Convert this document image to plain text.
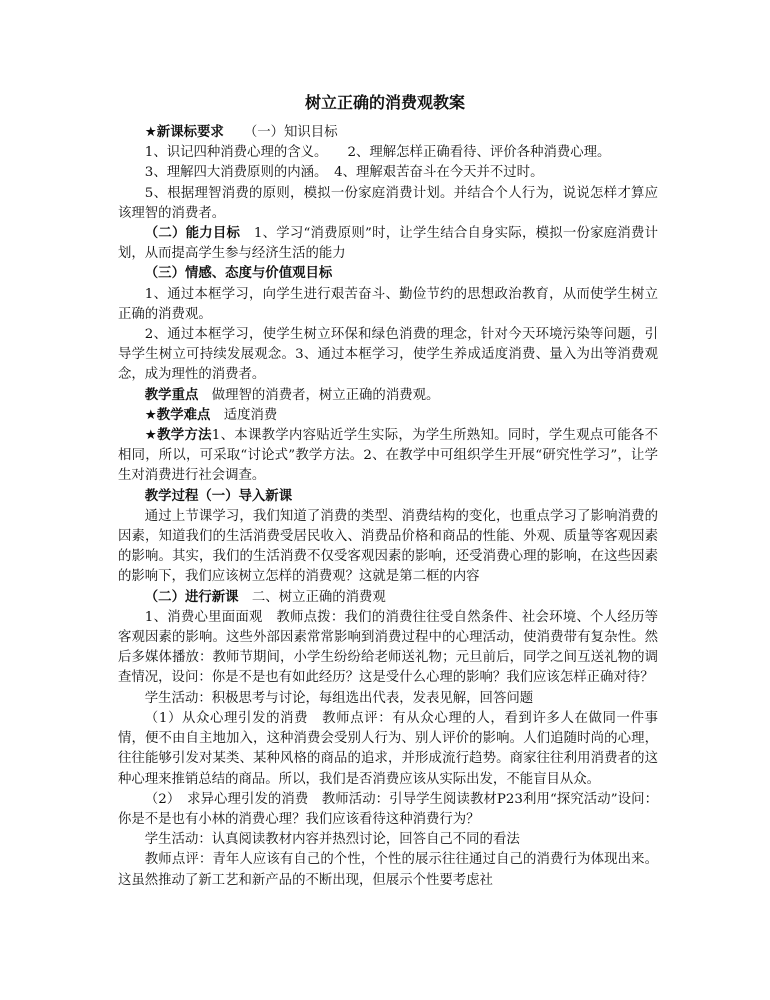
树立正确的消费观教案

★新课标要求　　（一）知识目标

1、识记四种消费心理的含义。　　2、理解怎样正确看待、评价各种消费心理。

3、理解四大消费原则的内涵。　4、理解艰苦奋斗在今天并不过时。

5、根据理智消费的原则，模拟一份家庭消费计划。并结合个人行为，说说怎样才算应该理智的消费者。

（二）能力目标　1、学习“消费原则”时，让学生结合自身实际，模拟一份家庭消费计划，从而提高学生参与经济生活的能力

（三）情感、态度与价值观目标

1、通过本框学习，向学生进行艰苦奋斗、勤俭节约的思想政治教育，从而使学生树立正确的消费观。

2、通过本框学习，使学生树立环保和绿色消费的理念，针对今天环境污染等问题，引导学生树立可持续发展观念。3、通过本框学习，使学生养成适度消费、量入为出等消费观念，成为理性的消费者。

教学重点　做理智的消费者，树立正确的消费观。

★教学难点　适度消费

★教学方法1、本课教学内容贴近学生实际，为学生所熟知。同时，学生观点可能各不相同，所以，可采取“讨论式”教学方法。2、在教学中可组织学生开展“研究性学习”，让学生对消费进行社会调查。

教学过程（一）导入新课

通过上节课学习，我们知道了消费的类型、消费结构的变化，也重点学习了影响消费的因素，知道我们的生活消费受居民收入、消费品价格和商品的性能、外观、质量等客观因素的影响。其实，我们的生活消费不仅受客观因素的影响，还受消费心理的影响，在这些因素的影响下，我们应该树立怎样的消费观？这就是第二框的内容

（二）进行新课　二、树立正确的消费观

1、消费心里面面观　教师点拨：我们的消费往往受自然条件、社会环境、个人经历等客观因素的影响。这些外部因素常常影响到消费过程中的心理活动，使消费带有复杂性。然后多媒体播放：教师节期间，小学生纷纷给老师送礼物；元旦前后，同学之间互送礼物的调查情况，设问：你是不是也有如此经历？这是受什么心理的影响？我们应该怎样正确对待？

学生活动：积极思考与讨论，每组选出代表，发表见解，回答问题

（1）从众心理引发的消费　教师点评：有从众心理的人，看到许多人在做同一件事情，便不由自主地加入，这种消费会受别人行为、别人评价的影响。人们追随时尚的心理，往往能够引发对某类、某种风格的商品的追求，并形成流行趋势。商家往往利用消费者的这种心理来推销总结的商品。所以，我们是否消费应该从实际出发，不能盲目从众。

（2）　求异心理引发的消费　教师活动：引导学生阅读教材P23利用“探究活动”设问：你是不是也有小林的消费心理？我们应该看待这种消费行为？

学生活动：认真阅读教材内容并热烈讨论，回答自己不同的看法

教师点评：青年人应该有自己的个性，个性的展示往往通过自己的消费行为体现出来。这虽然推动了新工艺和新产品的不断出现，但展示个性要考虑社
